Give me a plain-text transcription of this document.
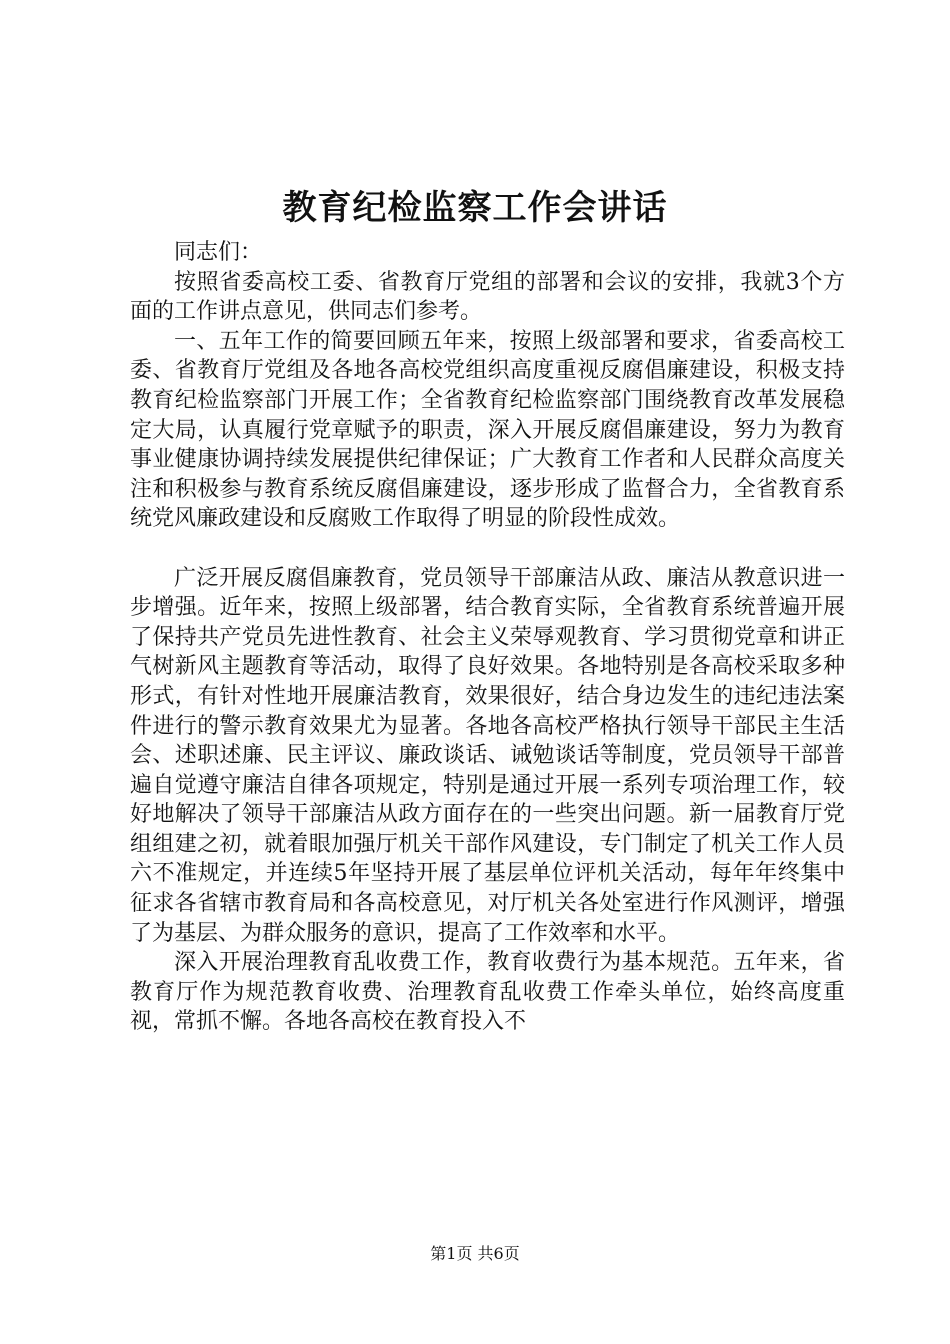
教育纪检监察工作会讲话

同志们：

按照省委高校工委、省教育厅党组的部署和会议的安排，我就3个方面的工作讲点意见，供同志们参考。

一、五年工作的简要回顾五年来，按照上级部署和要求，省委高校工委、省教育厅党组及各地各高校党组织高度重视反腐倡廉建设，积极支持教育纪检监察部门开展工作；全省教育纪检监察部门围绕教育改革发展稳定大局，认真履行党章赋予的职责，深入开展反腐倡廉建设，努力为教育事业健康协调持续发展提供纪律保证；广大教育工作者和人民群众高度关注和积极参与教育系统反腐倡廉建设，逐步形成了监督合力，全省教育系统党风廉政建设和反腐败工作取得了明显的阶段性成效。

广泛开展反腐倡廉教育，党员领导干部廉洁从政、廉洁从教意识进一步增强。近年来，按照上级部署，结合教育实际，全省教育系统普遍开展了保持共产党员先进性教育、社会主义荣辱观教育、学习贯彻党章和讲正气树新风主题教育等活动，取得了良好效果。各地特别是各高校采取多种形式，有针对性地开展廉洁教育，效果很好，结合身边发生的违纪违法案件进行的警示教育效果尤为显著。各地各高校严格执行领导干部民主生活会、述职述廉、民主评议、廉政谈话、诫勉谈话等制度，党员领导干部普遍自觉遵守廉洁自律各项规定，特别是通过开展一系列专项治理工作，较好地解决了领导干部廉洁从政方面存在的一些突出问题。新一届教育厅党组组建之初，就着眼加强厅机关干部作风建设，专门制定了机关工作人员六不准规定，并连续5年坚持开展了基层单位评机关活动，每年年终集中征求各省辖市教育局和各高校意见，对厅机关各处室进行作风测评，增强了为基层、为群众服务的意识，提高了工作效率和水平。

深入开展治理教育乱收费工作，教育收费行为基本规范。五年来，省教育厅作为规范教育收费、治理教育乱收费工作牵头单位，始终高度重视，常抓不懈。各地各高校在教育投入不

第1页 共6页
